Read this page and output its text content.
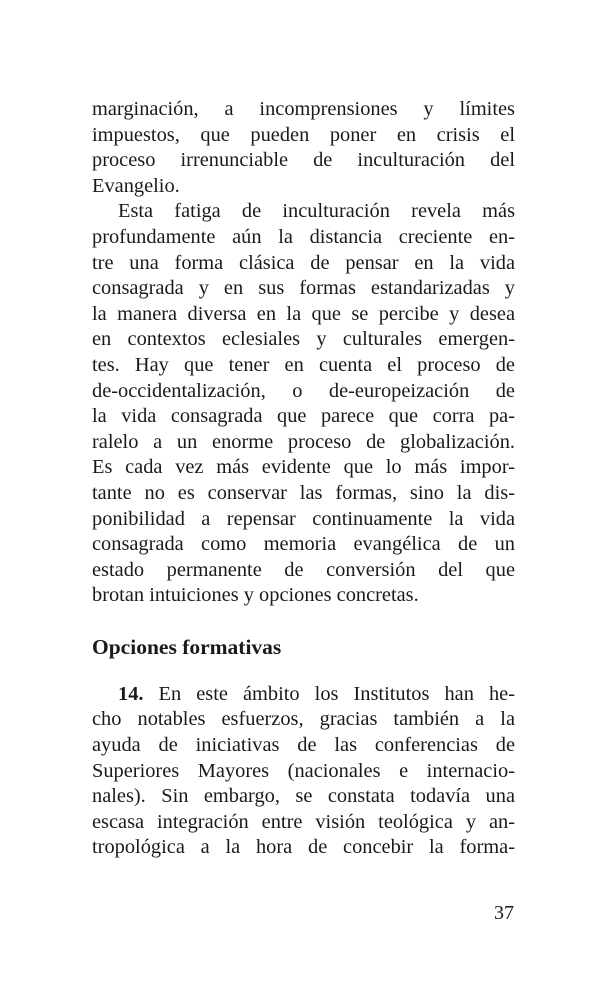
marginación, a incomprensiones y límites
impuestos, que pueden poner en crisis el
proceso irrenunciable de inculturación del
Evangelio.
Esta fatiga de inculturación revela más
profundamente aún la distancia creciente en-
tre una forma clásica de pensar en la vida
consagrada y en sus formas estandarizadas y
la manera diversa en la que se percibe y desea
en contextos eclesiales y culturales emergen-
tes. Hay que tener en cuenta el proceso de
de-occidentalización, o de-europeización de
la vida consagrada que parece que corra pa-
ralelo a un enorme proceso de globalización.
Es cada vez más evidente que lo más impor-
tante no es conservar las formas, sino la dis-
ponibilidad a repensar continuamente la vida
consagrada como memoria evangélica de un
estado permanente de conversión del que
brotan intuiciones y opciones concretas.
Opciones formativas
14. En este ámbito los Institutos han he-
cho notables esfuerzos, gracias también a la
ayuda de iniciativas de las conferencias de
Superiores Mayores (nacionales e internacio-
nales). Sin embargo, se constata todavía una
escasa integración entre visión teológica y an-
tropológica a la hora de concebir la forma-
37
